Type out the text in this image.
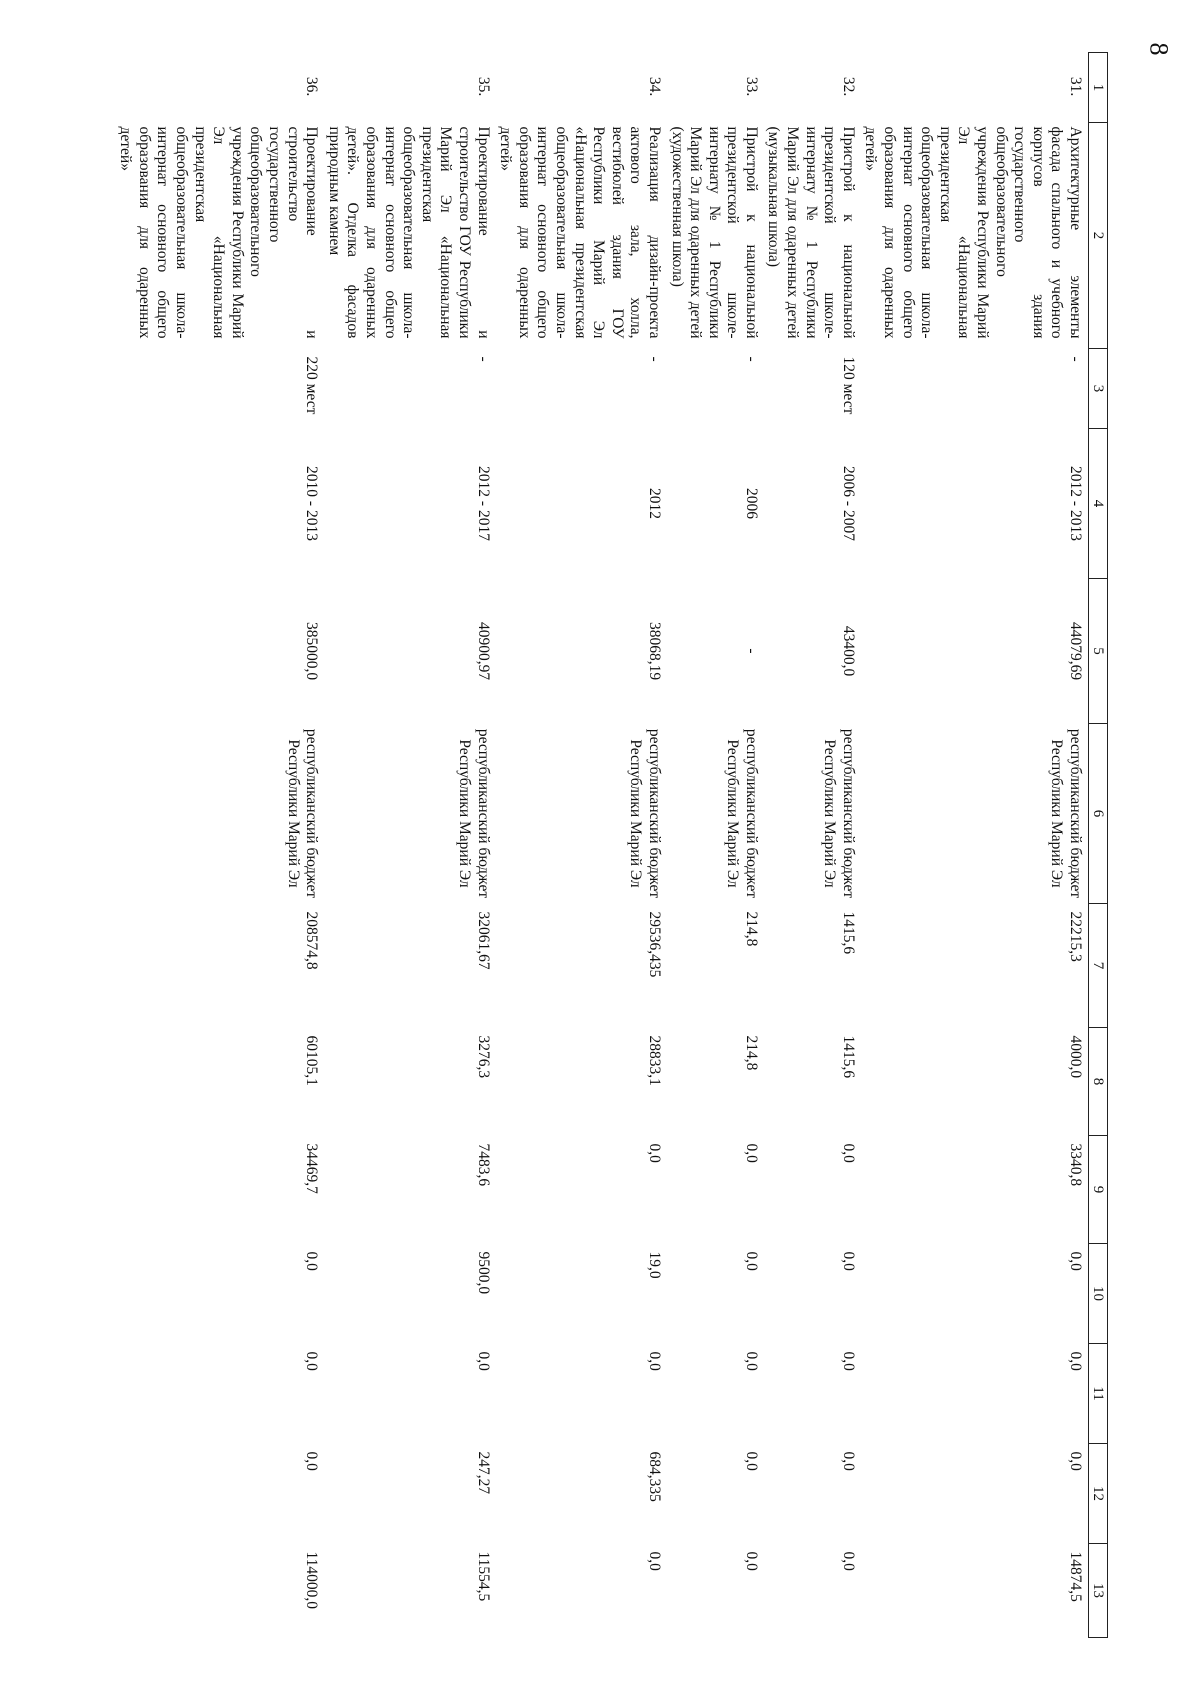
8
1	2	3	4	5	6	7	8	9	10	11	12	13
31.	Архитектурные элементы фасада спального и учебного корпусов здания государственного общеобразовательного учреждения Республики Марий Эл «Национальная президентская общеобразовательная школа-интернат основного общего образования для одаренных детей»	-	2012 - 2013	44079,69	республиканский бюджет Республики Марий Эл	22215,3	4000,0	3340,8	0,0	0,0	0,0	14874,5
32.	Пристрой к национальной президентской школе-интернату № 1 Республики Марий Эл для одаренных детей (музыкальная школа)	120 мест	2006 - 2007	43400,0	республиканский бюджет Республики Марий Эл	1415,6	1415,6	0,0	0,0	0,0	0,0	0,0
33.	Пристрой к национальной президентской школе-интернату № 1 Республики Марий Эл для одаренных детей (художественная школа)	-	2006	-	республиканский бюджет Республики Марий Эл	214,8	214,8	0,0	0,0	0,0	0,0	0,0
34.	Реализация дизайн-проекта актового зала, холла, вестибюлей здания ГОУ Республики Марий Эл «Национальная президентская общеобразовательная школа-интернат основного общего образования для одаренных детей»	-	2012	38068,19	республиканский бюджет Республики Марий Эл	29536,435	28833,1	0,0	19,0	0,0	684,335	0,0
35.	Проектирование и строительство ГОУ Республики Марий Эл «Национальная президентская общеобразовательная школа-интернат основного общего образования для одаренных детей». Отделка фасадов природным камнем	-	2012 - 2017	40900,97	республиканский бюджет Республики Марий Эл	32061,67	3276,3	7483,6	9500,0	0,0	247,27	11554,5
36.	Проектирование и строительство государственного общеобразовательного учреждения Республики Марий Эл «Национальная президентская общеобразовательная школа-интернат основного общего образования для одаренных детей»	220 мест	2010 - 2013	385000,0	республиканский бюджет Республики Марий Эл	208574,8	60105,1	34469,7	0,0	0,0	0,0	114000,0
